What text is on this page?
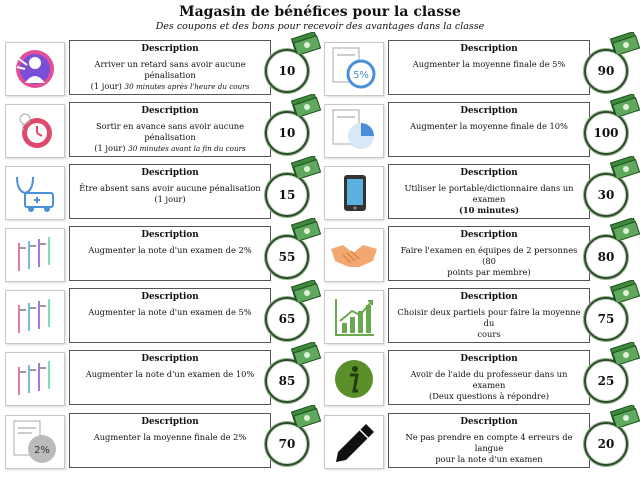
Magasin de bénéfices pour la classe
Des coupons et des bons pour recevoir des avantages dans la classe
Description
Arriver un retard sans avoir aucune pénalisation
(1 jour) 30 minutes après l'heure du cours
10
Description
Sortir en avance sans avoir aucune pénalisation
(1 jour) 30 minutes avant la fin du cours
10
Description
Être absent sans avoir aucune pénalisation
(1 jour)	15
Description
Augmenter la note d'un examen de 2%	55
Description
Augmenter la note d'un examen de 5%	65
Description
Augmenter la note d'un examen de 10%	85
2%
Description
Augmenter la moyenne finale de 2%	70
5%
Description
Augmenter la moyenne finale de 5%	90
Description
Augmenter la moyenne finale de 10%	100
Description
Utiliser le portable/dictionnaire dans un examen
(10 minutes)
30
Description
Faire l'examen en équipes de 2 personnes (80
points par membre)
80
Description
Choisir deux partiels pour faire la moyenne du
cours
75
Description
Avoir de l'aide du professeur dans un examen
(Deux questions à répondre)
25
Description
Ne pas prendre en compte 4 erreurs de langue
pour la note d'un examen
20
